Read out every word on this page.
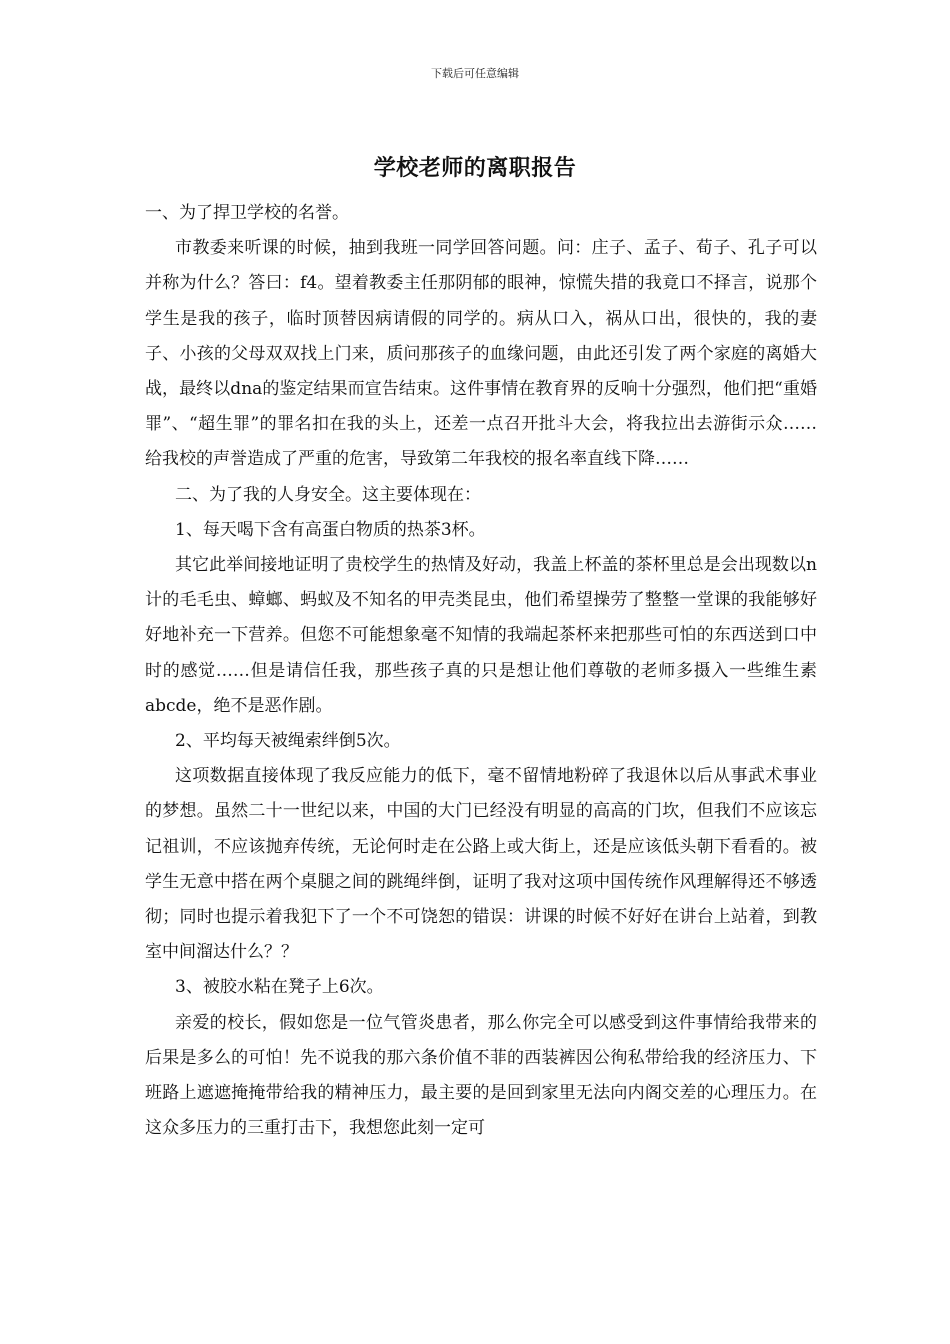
下载后可任意编辑
学校老师的离职报告

一、为了捍卫学校的名誉。

市教委来听课的时候，抽到我班一同学回答问题。问：庄子、孟子、荀子、孔子可以并称为什么？答曰：f4。望着教委主任那阴郁的眼神，惊慌失措的我竟口不择言，说那个学生是我的孩子，临时顶替因病请假的同学的。病从口入，祸从口出，很快的，我的妻子、小孩的父母双双找上门来，质问那孩子的血缘问题，由此还引发了两个家庭的离婚大战，最终以dna的鉴定结果而宣告结束。这件事情在教育界的反响十分强烈，他们把“重婚罪”、“超生罪”的罪名扣在我的头上，还差一点召开批斗大会，将我拉出去游街示众……给我校的声誉造成了严重的危害，导致第二年我校的报名率直线下降……

二、为了我的人身安全。这主要体现在：

1、每天喝下含有高蛋白物质的热茶3杯。

其它此举间接地证明了贵校学生的热情及好动，我盖上杯盖的茶杯里总是会出现数以n计的毛毛虫、蟑螂、蚂蚁及不知名的甲壳类昆虫，他们希望操劳了整整一堂课的我能够好好地补充一下营养。但您不可能想象毫不知情的我端起茶杯来把那些可怕的东西送到口中时的感觉……但是请信任我，那些孩子真的只是想让他们尊敬的老师多摄入一些维生素abcde，绝不是恶作剧。

2、平均每天被绳索绊倒5次。

这项数据直接体现了我反应能力的低下，毫不留情地粉碎了我退休以后从事武术事业的梦想。虽然二十一世纪以来，中国的大门已经没有明显的高高的门坎，但我们不应该忘记祖训，不应该抛弃传统，无论何时走在公路上或大街上，还是应该低头朝下看看的。被学生无意中搭在两个桌腿之间的跳绳绊倒，证明了我对这项中国传统作风理解得还不够透彻；同时也提示着我犯下了一个不可饶恕的错误：讲课的时候不好好在讲台上站着，到教室中间溜达什么？？

3、被胶水粘在凳子上6次。

亲爱的校长，假如您是一位气管炎患者，那么你完全可以感受到这件事情给我带来的后果是多么的可怕！先不说我的那六条价值不菲的西装裤因公徇私带给我的经济压力、下班路上遮遮掩掩带给我的精神压力，最主要的是回到家里无法向内阁交差的心理压力。在这众多压力的三重打击下，我想您此刻一定可
